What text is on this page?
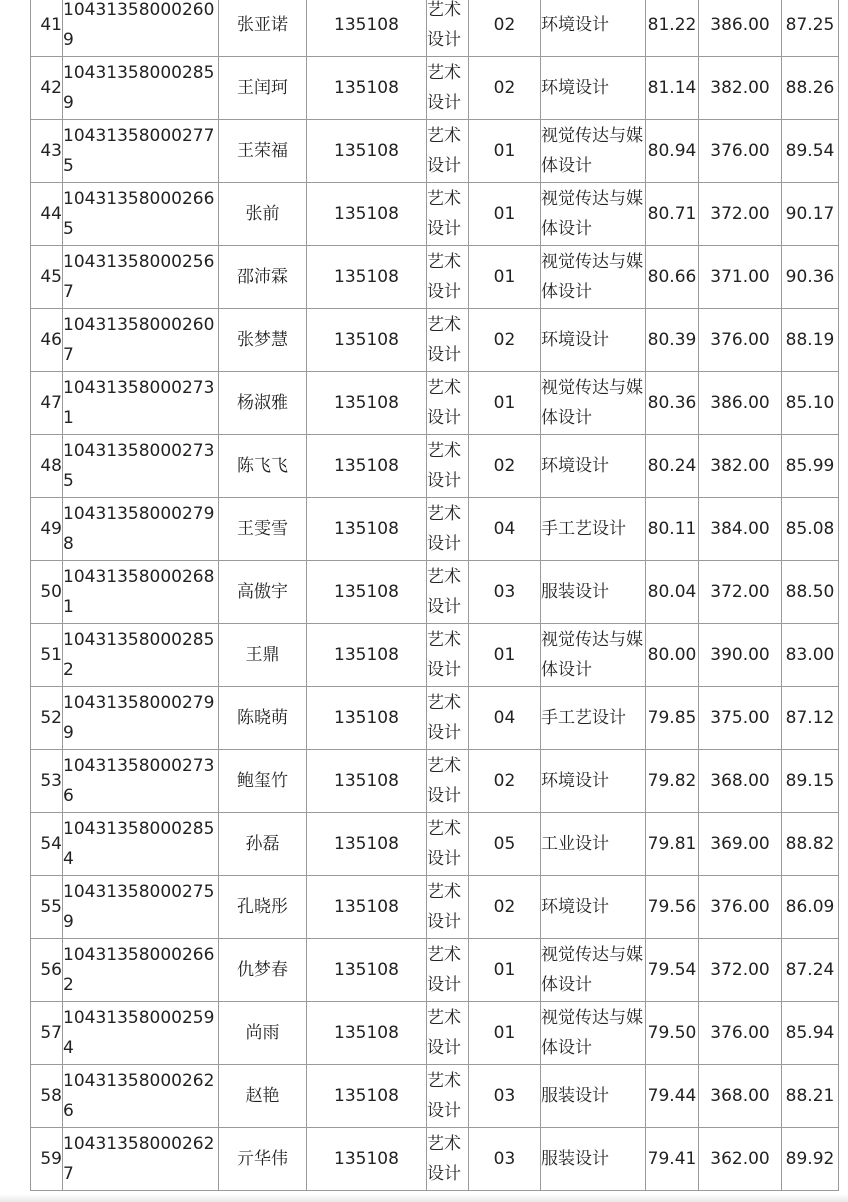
41	104313580002609	张亚诺	135108	艺术设计	02	环境设计	81.22	386.00	87.25
42	104313580002859	王闰珂	135108	艺术设计	02	环境设计	81.14	382.00	88.26
43	104313580002775	王荣福	135108	艺术设计	01	视觉传达与媒体设计	80.94	376.00	89.54
44	104313580002665	张前	135108	艺术设计	01	视觉传达与媒体设计	80.71	372.00	90.17
45	104313580002567	邵沛霖	135108	艺术设计	01	视觉传达与媒体设计	80.66	371.00	90.36
46	104313580002607	张梦慧	135108	艺术设计	02	环境设计	80.39	376.00	88.19
47	104313580002731	杨淑雅	135108	艺术设计	01	视觉传达与媒体设计	80.36	386.00	85.10
48	104313580002735	陈飞飞	135108	艺术设计	02	环境设计	80.24	382.00	85.99
49	104313580002798	王雯雪	135108	艺术设计	04	手工艺设计	80.11	384.00	85.08
50	104313580002681	高傲宇	135108	艺术设计	03	服装设计	80.04	372.00	88.50
51	104313580002852	王鼎	135108	艺术设计	01	视觉传达与媒体设计	80.00	390.00	83.00
52	104313580002799	陈晓萌	135108	艺术设计	04	手工艺设计	79.85	375.00	87.12
53	104313580002736	鲍玺竹	135108	艺术设计	02	环境设计	79.82	368.00	89.15
54	104313580002854	孙磊	135108	艺术设计	05	工业设计	79.81	369.00	88.82
55	104313580002759	孔晓彤	135108	艺术设计	02	环境设计	79.56	376.00	86.09
56	104313580002662	仇梦春	135108	艺术设计	01	视觉传达与媒体设计	79.54	372.00	87.24
57	104313580002594	尚雨	135108	艺术设计	01	视觉传达与媒体设计	79.50	376.00	85.94
58	104313580002626	赵艳	135108	艺术设计	03	服装设计	79.44	368.00	88.21
59	104313580002627	亓华伟	135108	艺术设计	03	服装设计	79.41	362.00	89.92
